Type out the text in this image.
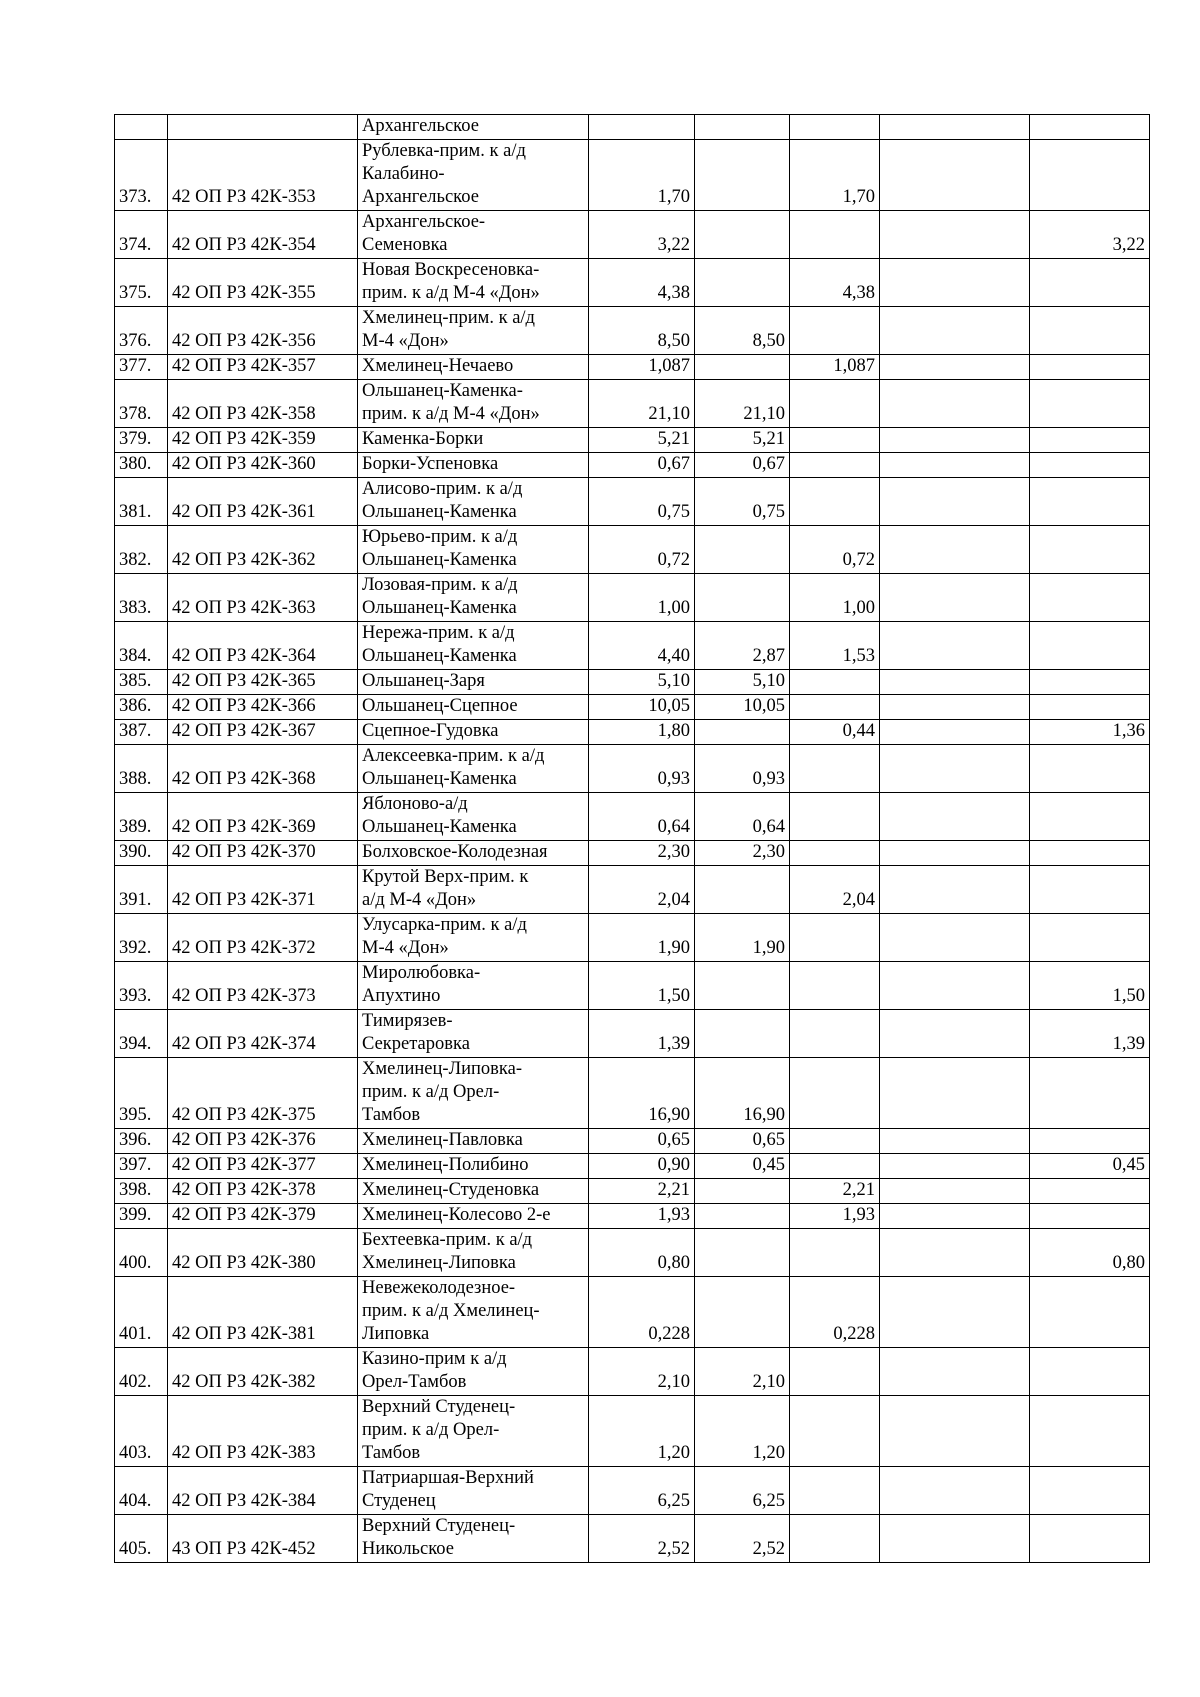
		Архангельское					
373.	42 ОП РЗ 42К-353	Рублевка-прим. к а/д
Калабино-
Архангельское	1,70		1,70		
374.	42 ОП РЗ 42К-354	Архангельское-
Семеновка	3,22				3,22
375.	42 ОП РЗ 42К-355	Новая Воскресеновка-
прим. к а/д М-4 «Дон»	4,38		4,38		
376.	42 ОП РЗ 42К-356	Хмелинец-прим. к а/д
М-4 «Дон»	8,50	8,50			
377.	42 ОП РЗ 42К-357	Хмелинец-Нечаево	1,087		1,087		
378.	42 ОП РЗ 42К-358	Ольшанец-Каменка-
прим. к а/д М-4 «Дон»	21,10	21,10			
379.	42 ОП РЗ 42К-359	Каменка-Борки	5,21	5,21			
380.	42 ОП РЗ 42К-360	Борки-Успеновка	0,67	0,67			
381.	42 ОП РЗ 42К-361	Алисово-прим. к а/д
Ольшанец-Каменка	0,75	0,75			
382.	42 ОП РЗ 42К-362	Юрьево-прим. к а/д
Ольшанец-Каменка	0,72		0,72		
383.	42 ОП РЗ 42К-363	Лозовая-прим. к а/д
Ольшанец-Каменка	1,00		1,00		
384.	42 ОП РЗ 42К-364	Нережа-прим. к а/д
Ольшанец-Каменка	4,40	2,87	1,53		
385.	42 ОП РЗ 42К-365	Ольшанец-Заря	5,10	5,10			
386.	42 ОП РЗ 42К-366	Ольшанец-Сцепное	10,05	10,05			
387.	42 ОП РЗ 42К-367	Сцепное-Гудовка	1,80		0,44		1,36
388.	42 ОП РЗ 42К-368	Алексеевка-прим. к а/д
Ольшанец-Каменка	0,93	0,93			
389.	42 ОП РЗ 42К-369	Яблоново-а/д
Ольшанец-Каменка	0,64	0,64			
390.	42 ОП РЗ 42К-370	Болховское-Колодезная	2,30	2,30			
391.	42 ОП РЗ 42К-371	Крутой Верх-прим. к
а/д М-4 «Дон»	2,04		2,04		
392.	42 ОП РЗ 42К-372	Улусарка-прим. к а/д
М-4 «Дон»	1,90	1,90			
393.	42 ОП РЗ 42К-373	Миролюбовка-
Апухтино	1,50				1,50
394.	42 ОП РЗ 42К-374	Тимирязев-
Секретаровка	1,39				1,39
395.	42 ОП РЗ 42К-375	Хмелинец-Липовка-
прим. к а/д Орел-
Тамбов	16,90	16,90			
396.	42 ОП РЗ 42К-376	Хмелинец-Павловка	0,65	0,65			
397.	42 ОП РЗ 42К-377	Хмелинец-Полибино	0,90	0,45			0,45
398.	42 ОП РЗ 42К-378	Хмелинец-Студеновка	2,21		2,21		
399.	42 ОП РЗ 42К-379	Хмелинец-Колесово 2-е	1,93		1,93		
400.	42 ОП РЗ 42К-380	Бехтеевка-прим. к а/д
Хмелинец-Липовка	0,80				0,80
401.	42 ОП РЗ 42К-381	Невежеколодезное-
прим. к а/д Хмелинец-
Липовка	0,228		0,228		
402.	42 ОП РЗ 42К-382	Казино-прим к а/д
Орел-Тамбов	2,10	2,10			
403.	42 ОП РЗ 42К-383	Верхний Студенец-
прим. к а/д Орел-
Тамбов	1,20	1,20			
404.	42 ОП РЗ 42К-384	Патриаршая-Верхний
Студенец	6,25	6,25			
405.	43 ОП РЗ 42К-452	Верхний Студенец-
Никольское	2,52	2,52			
